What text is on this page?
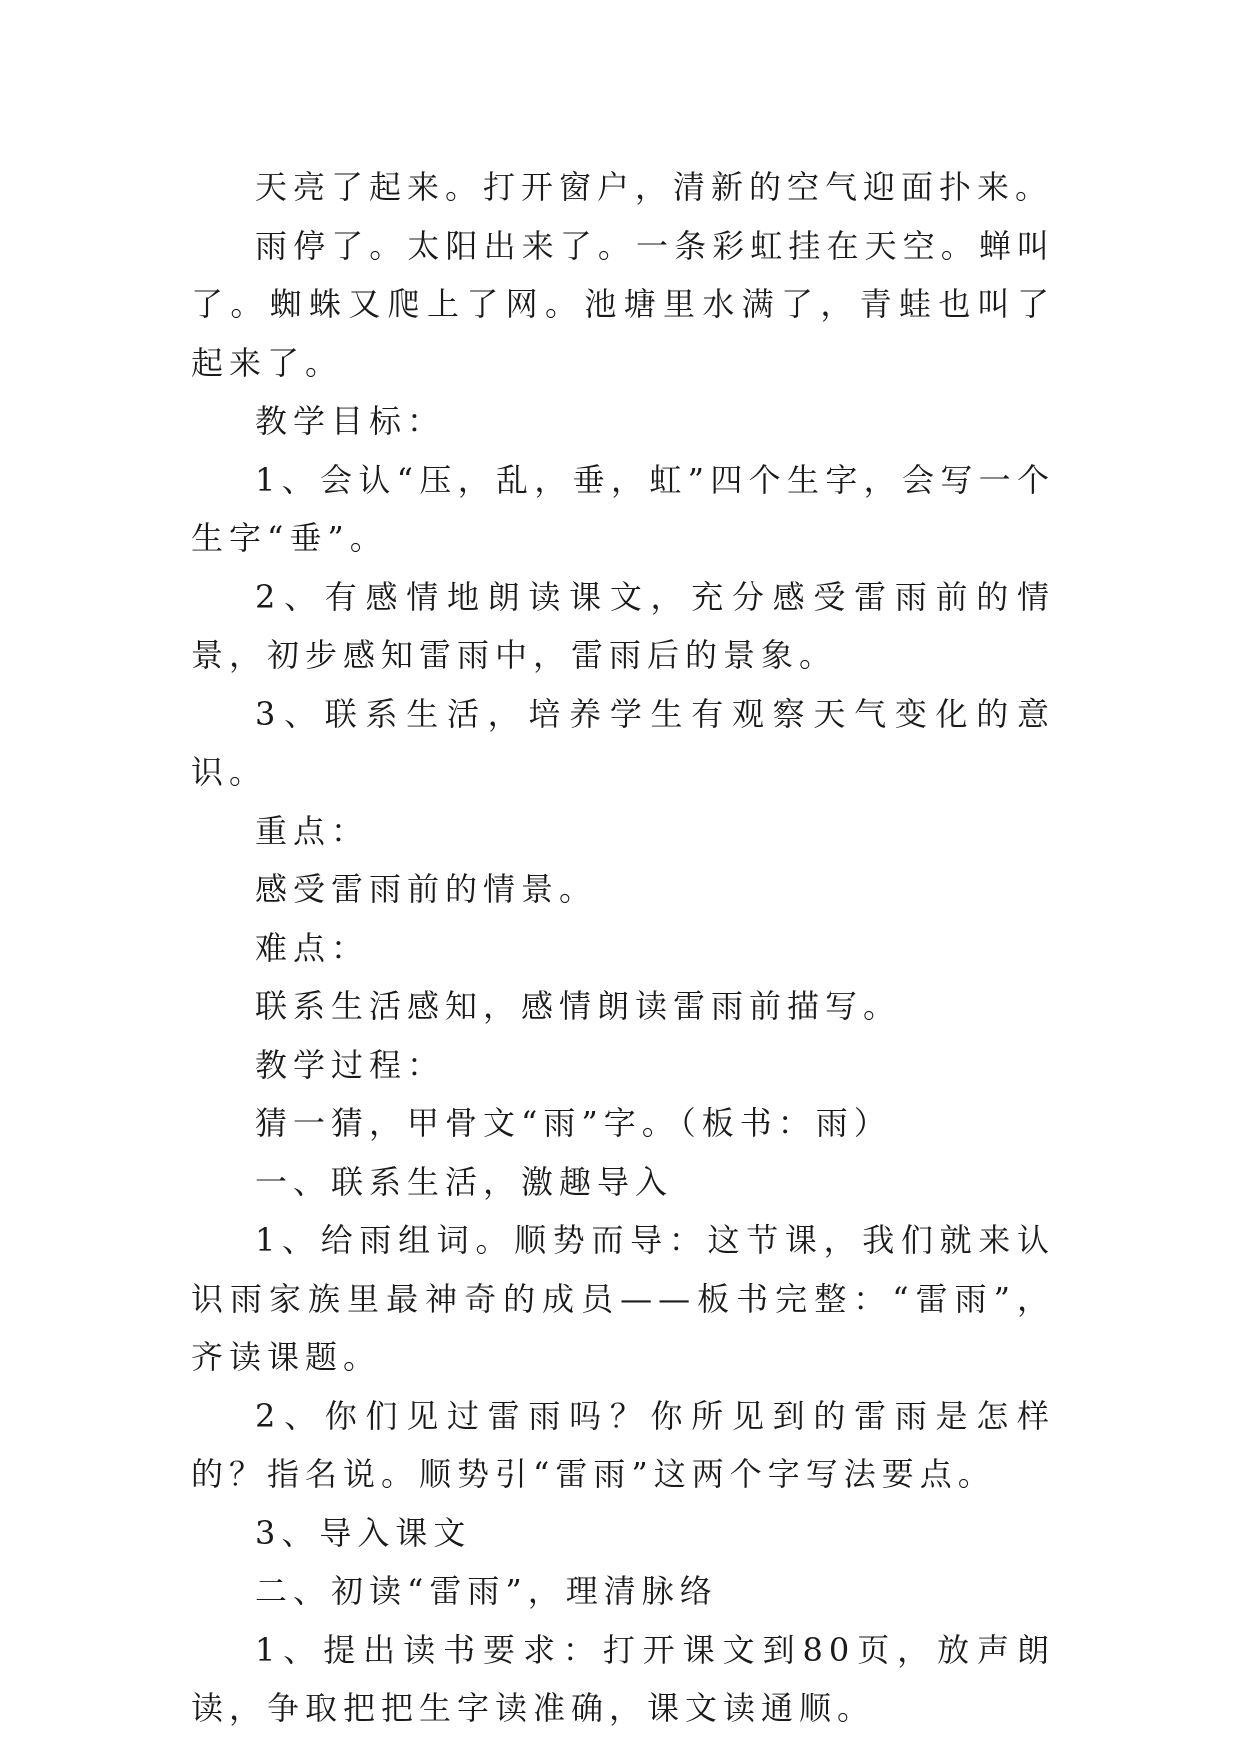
天亮了起来。打开窗户，清新的空气迎面扑来。

雨停了。太阳出来了。一条彩虹挂在天空。蝉叫了。蜘蛛又爬上了网。池塘里水满了，青蛙也叫了起来了。

教学目标：

1、会认“压，乱，垂，虹”四个生字，会写一个生字“垂”。

2、有感情地朗读课文，充分感受雷雨前的情景，初步感知雷雨中，雷雨后的景象。

3、联系生活，培养学生有观察天气变化的意识。

重点：

感受雷雨前的情景。

难点：

联系生活感知，感情朗读雷雨前描写。

教学过程：

猜一猜，甲骨文“雨”字。（板书：雨）

一、联系生活，激趣导入

1、给雨组词。顺势而导：这节课，我们就来认识雨家族里最神奇的成员——板书完整：“雷雨”，齐读课题。

2、你们见过雷雨吗？你所见到的雷雨是怎样的？指名说。顺势引“雷雨”这两个字写法要点。

3、导入课文

二、初读“雷雨”，理清脉络

1、提出读书要求：打开课文到80页，放声朗读，争取把把生字读准确，课文读通顺。
